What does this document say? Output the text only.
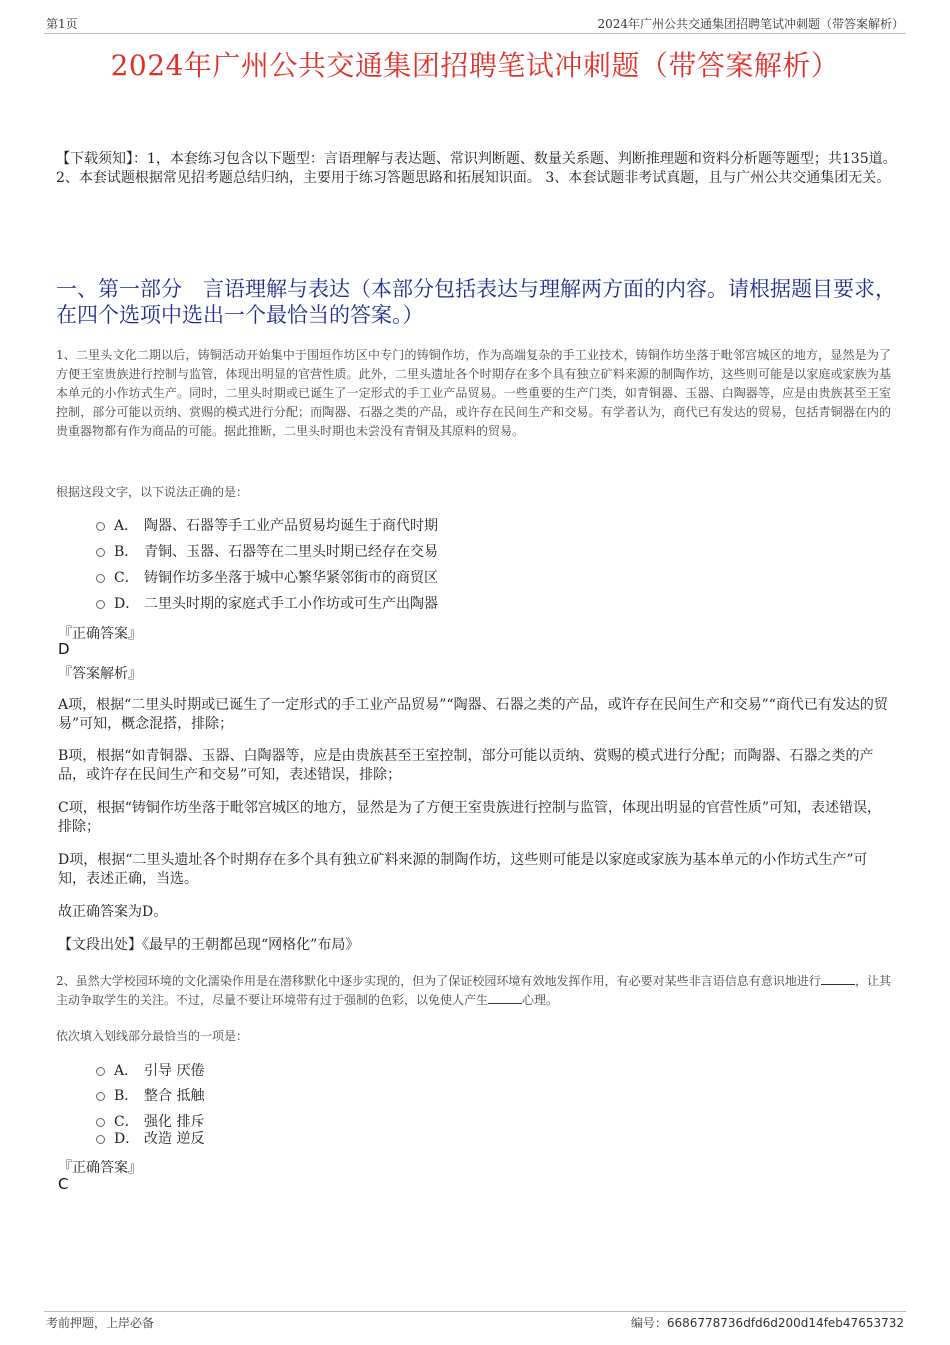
第1页	2024年广州公共交通集团招聘笔试冲刺题（带答案解析）
2024年广州公共交通集团招聘笔试冲刺题（带答案解析）
【下载须知】：1，本套练习包含以下题型：言语理解与表达题、常识判断题、数量关系题、判断推理题和资料分析题等题型；共135道。 2、本套试题根据常见招考题总结归纳，主要用于练习答题思路和拓展知识面。 3、本套试题非考试真题，且与广州公共交通集团无关。
一、第一部分　言语理解与表达（本部分包括表达与理解两方面的内容。请根据题目要求，在四个选项中选出一个最恰当的答案。）
1、二里头文化二期以后，铸铜活动开始集中于围垣作坊区中专门的铸铜作坊，作为高端复杂的手工业技术，铸铜作坊坐落于毗邻宫城区的地方，显然是为了方便王室贵族进行控制与监管，体现出明显的官营性质。此外，二里头遗址各个时期存在多个具有独立矿料来源的制陶作坊，这些则可能是以家庭或家族为基本单元的小作坊式生产。同时，二里头时期或已诞生了一定形式的手工业产品贸易。一些重要的生产门类，如青铜器、玉器、白陶器等，应是由贵族甚至王室控制，部分可能以贡纳、赏赐的模式进行分配；而陶器、石器之类的产品，或许存在民间生产和交易。有学者认为，商代已有发达的贸易，包括青铜器在内的贵重器物都有作为商品的可能。据此推断，二里头时期也未尝没有青铜及其原料的贸易。
根据这段文字，以下说法正确的是：
A． 陶器、石器等手工业产品贸易均诞生于商代时期
B． 青铜、玉器、石器等在二里头时期已经存在交易
C． 铸铜作坊多坐落于城中心繁华紧邻街市的商贸区
D． 二里头时期的家庭式手工小作坊或可生产出陶器
『正确答案』
D
『答案解析』
A项，根据“二里头时期或已诞生了一定形式的手工业产品贸易”“陶器、石器之类的产品，或许存在民间生产和交易”“商代已有发达的贸易”可知，概念混搭，排除；
B项，根据“如青铜器、玉器、白陶器等，应是由贵族甚至王室控制，部分可能以贡纳、赏赐的模式进行分配；而陶器、石器之类的产品，或许存在民间生产和交易”可知，表述错误，排除；
C项，根据“铸铜作坊坐落于毗邻宫城区的地方，显然是为了方便王室贵族进行控制与监管，体现出明显的官营性质”可知，表述错误，排除；
D项，根据“二里头遗址各个时期存在多个具有独立矿料来源的制陶作坊，这些则可能是以家庭或家族为基本单元的小作坊式生产”可知，表述正确，当选。
故正确答案为D。
【文段出处】《最早的王朝都邑现“网格化”布局》
2、虽然大学校园环境的文化濡染作用是在潜移默化中逐步实现的，但为了保证校园环境有效地发挥作用，有必要对某些非言语信息有意识地进行	，让其主动争取学生的关注。不过，尽量不要让环境带有过于强制的色彩，以免使人产生	心理。
依次填入划线部分最恰当的一项是：
A． 引导 厌倦
B． 整合 抵触
C． 强化 排斥
D． 改造 逆反
『正确答案』
C
考前押题，上岸必备	编号：6686778736dfd6d200d14feb47653732
